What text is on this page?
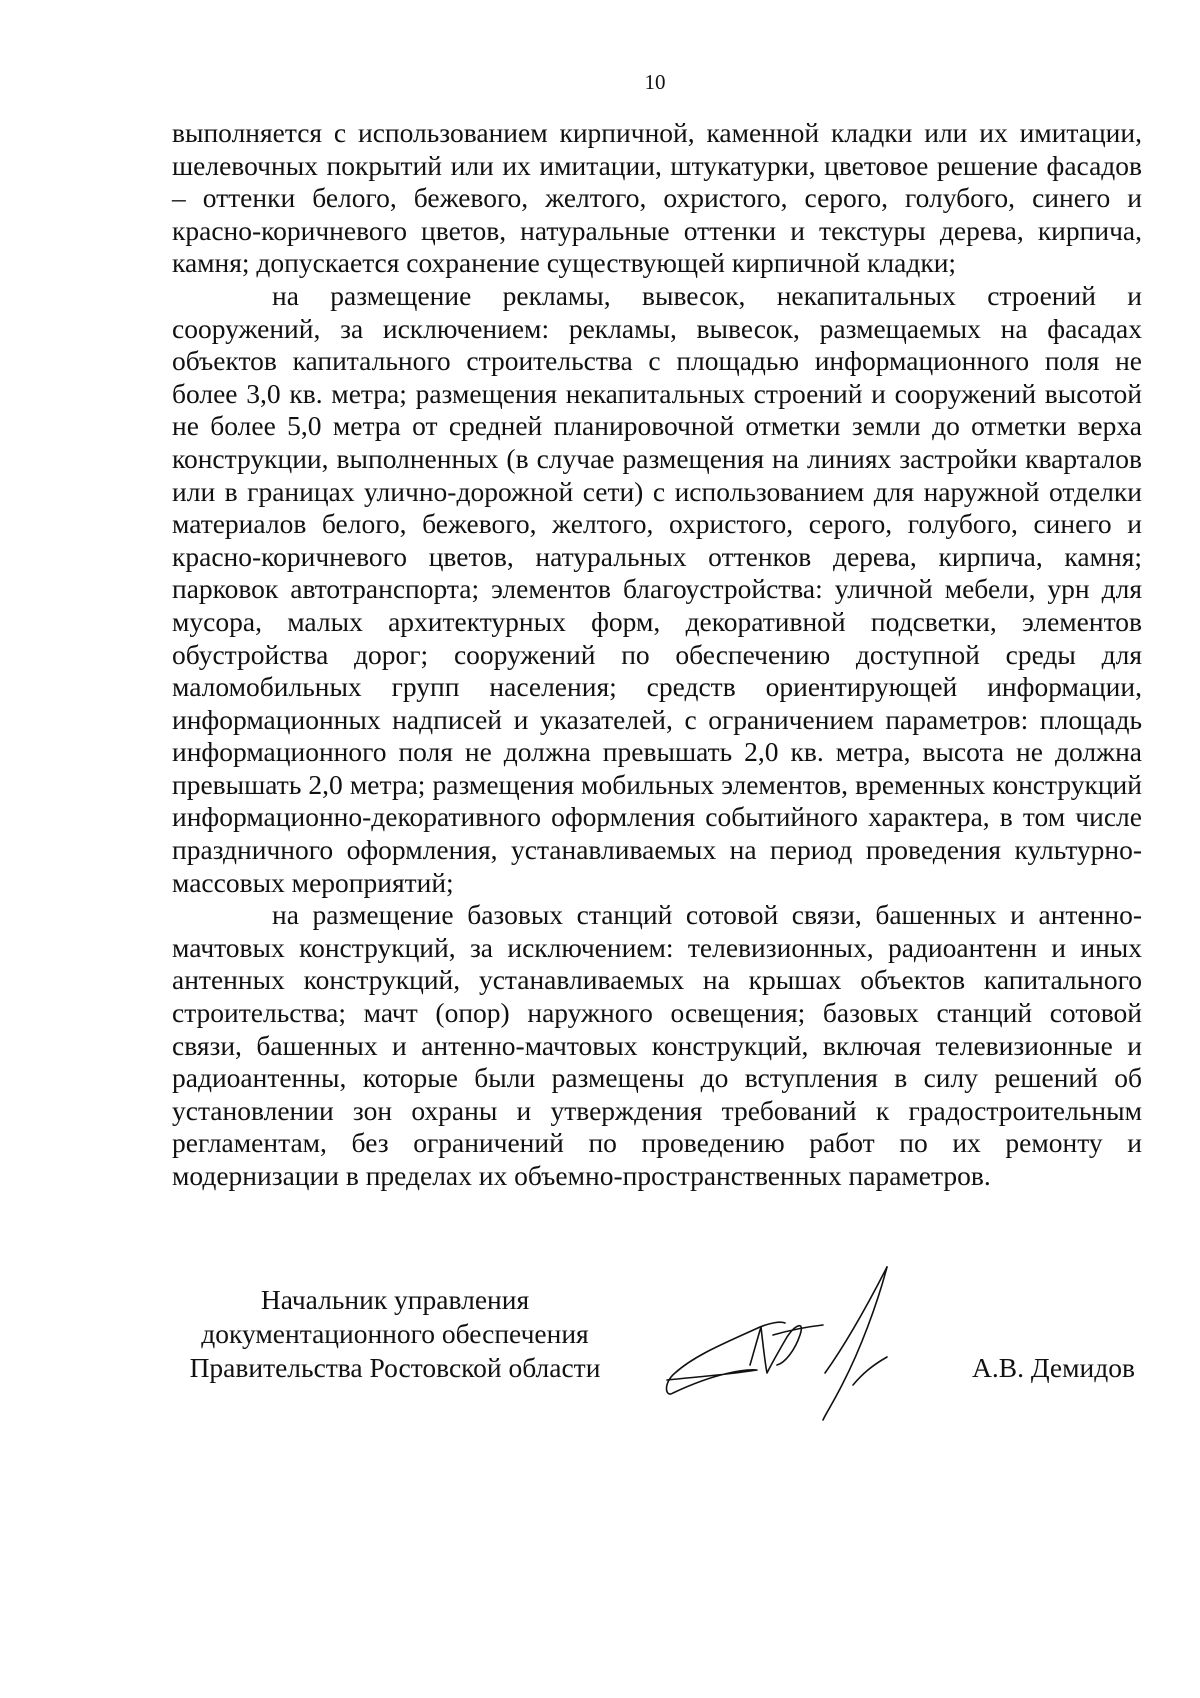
10

выполняется с использованием кирпичной, каменной кладки или их имитации, шелевочных покрытий или их имитации, штукатурки, цветовое решение фасадов – оттенки белого, бежевого, желтого, охристого, серого, голубого, синего и красно-коричневого цветов, натуральные оттенки и текстуры дерева, кирпича, камня; допускается сохранение существующей кирпичной кладки;

на размещение рекламы, вывесок, некапитальных строений и сооружений, за исключением: рекламы, вывесок, размещаемых на фасадах объектов капитального строительства с площадью информационного поля не более 3,0 кв. метра; размещения некапитальных строений и сооружений высотой не более 5,0 метра от средней планировочной отметки земли до отметки верха конструкции, выполненных (в случае размещения на линиях застройки кварталов или в границах улично-дорожной сети) с использованием для наружной отделки материалов белого, бежевого, желтого, охристого, серого, голубого, синего и красно-коричневого цветов, натуральных оттенков дерева, кирпича, камня; парковок автотранспорта; элементов благоустройства: уличной мебели, урн для мусора, малых архитектурных форм, декоративной подсветки, элементов обустройства дорог; сооружений по обеспечению доступной среды для маломобильных групп населения; средств ориентирующей информации, информационных надписей и указателей, с ограничением параметров: площадь информационного поля не должна превышать 2,0 кв. метра, высота не должна превышать 2,0 метра; размещения мобильных элементов, временных конструкций информационно-декоративного оформления событийного характера, в том числе праздничного оформления, устанавливаемых на период проведения культурно-массовых мероприятий;

на размещение базовых станций сотовой связи, башенных и антенно-мачтовых конструкций, за исключением: телевизионных, радиоантенн и иных антенных конструкций, устанавливаемых на крышах объектов капитального строительства; мачт (опор) наружного освещения; базовых станций сотовой связи, башенных и антенно-мачтовых конструкций, включая телевизионные и радиоантенны, которые были размещены до вступления в силу решений об установлении зон охраны и утверждения требований к градостроительным регламентам, без ограничений по проведению работ по их ремонту и модернизации в пределах их объемно-пространственных параметров.

Начальник управления
документационного обеспечения
Правительства Ростовской области	А.В. Демидов
